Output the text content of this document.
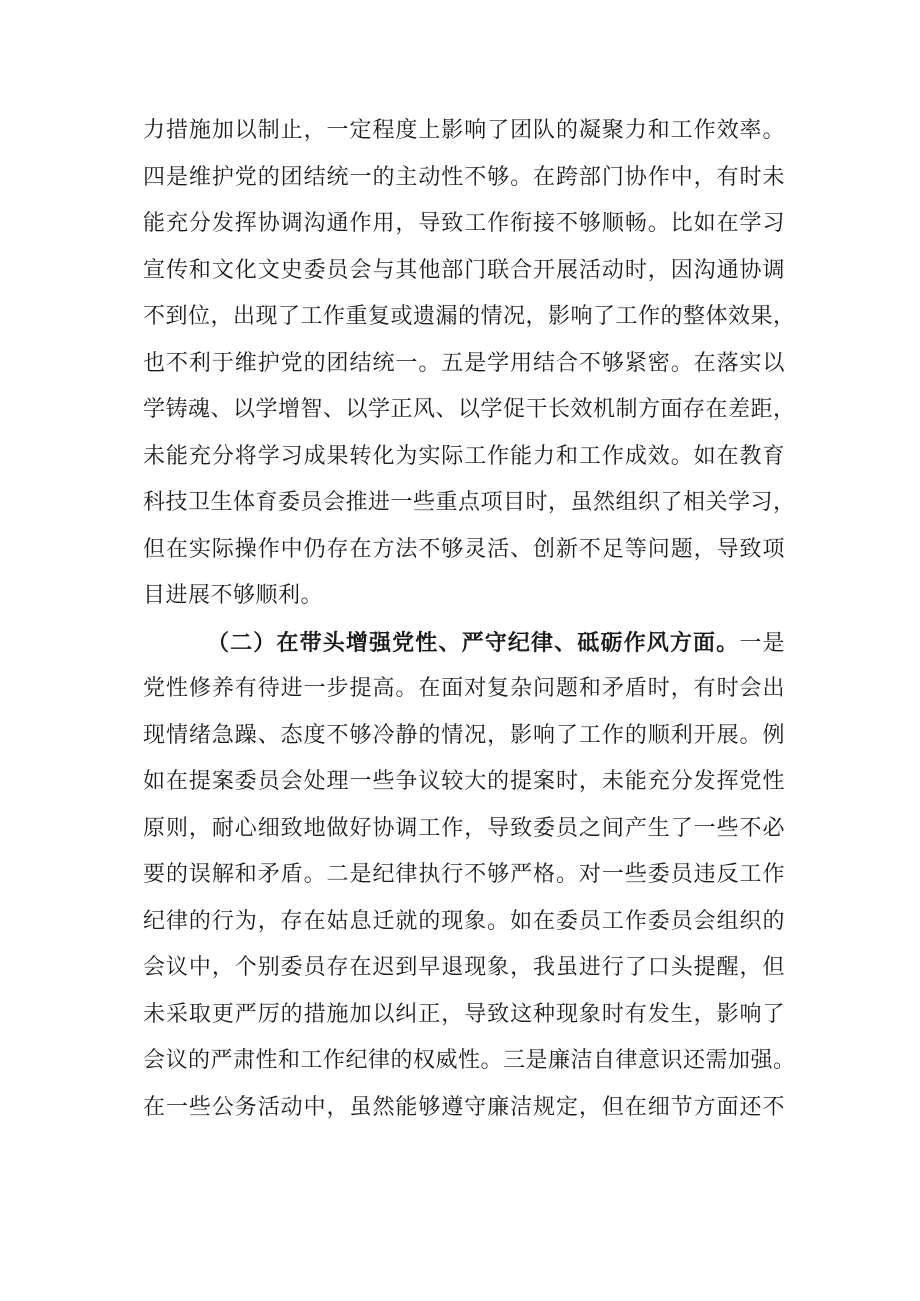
力措施加以制止，一定程度上影响了团队的凝聚力和工作效率。
四是维护党的团结统一的主动性不够。在跨部门协作中，有时未
能充分发挥协调沟通作用，导致工作衔接不够顺畅。比如在学习
宣传和文化文史委员会与其他部门联合开展活动时，因沟通协调
不到位，出现了工作重复或遗漏的情况，影响了工作的整体效果，
也不利于维护党的团结统一。五是学用结合不够紧密。在落实以
学铸魂、以学增智、以学正风、以学促干长效机制方面存在差距，
未能充分将学习成果转化为实际工作能力和工作成效。如在教育
科技卫生体育委员会推进一些重点项目时，虽然组织了相关学习，
但在实际操作中仍存在方法不够灵活、创新不足等问题，导致项
目进展不够顺利。
（二）在带头增强党性、严守纪律、砥砺作风方面。一是
党性修养有待进一步提高。在面对复杂问题和矛盾时，有时会出
现情绪急躁、态度不够冷静的情况，影响了工作的顺利开展。例
如在提案委员会处理一些争议较大的提案时，未能充分发挥党性
原则，耐心细致地做好协调工作，导致委员之间产生了一些不必
要的误解和矛盾。二是纪律执行不够严格。对一些委员违反工作
纪律的行为，存在姑息迁就的现象。如在委员工作委员会组织的
会议中，个别委员存在迟到早退现象，我虽进行了口头提醒，但
未采取更严厉的措施加以纠正，导致这种现象时有发生，影响了
会议的严肃性和工作纪律的权威性。三是廉洁自律意识还需加强。
在一些公务活动中，虽然能够遵守廉洁规定，但在细节方面还不
